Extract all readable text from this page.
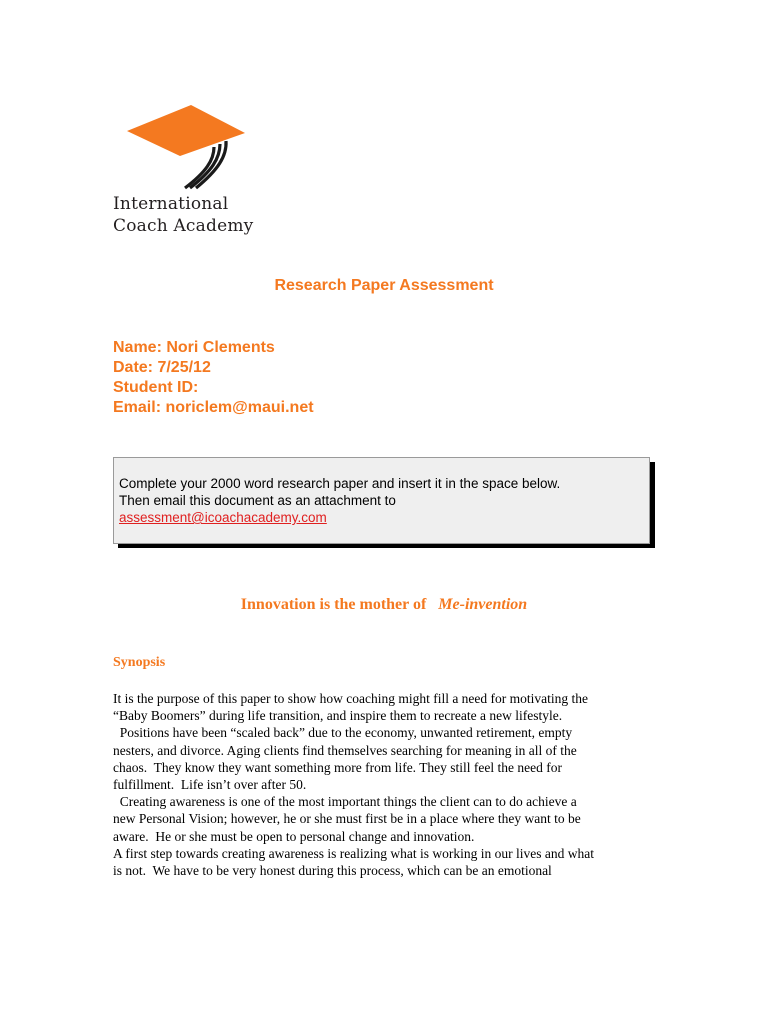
International
Coach Academy
Research Paper Assessment
Name: Nori Clements
Date: 7/25/12
Student ID:
Email: noriclem@maui.net
Complete your 2000 word research paper and insert it in the space below.
Then email this document as an attachment to
assessment@icoachacademy.com
Innovation is the mother of Me-invention
Synopsis
It is the purpose of this paper to show how coaching might fill a need for motivating the
“Baby Boomers” during life transition, and inspire them to recreate a new lifestyle.
Positions have been “scaled back” due to the economy, unwanted retirement, empty
nesters, and divorce. Aging clients find themselves searching for meaning in all of the
chaos.  They know they want something more from life. They still feel the need for
fulfillment.  Life isn’t over after 50.
Creating awareness is one of the most important things the client can to do achieve a
new Personal Vision; however, he or she must first be in a place where they want to be
aware.  He or she must be open to personal change and innovation.
A first step towards creating awareness is realizing what is working in our lives and what
is not.  We have to be very honest during this process, which can be an emotional
